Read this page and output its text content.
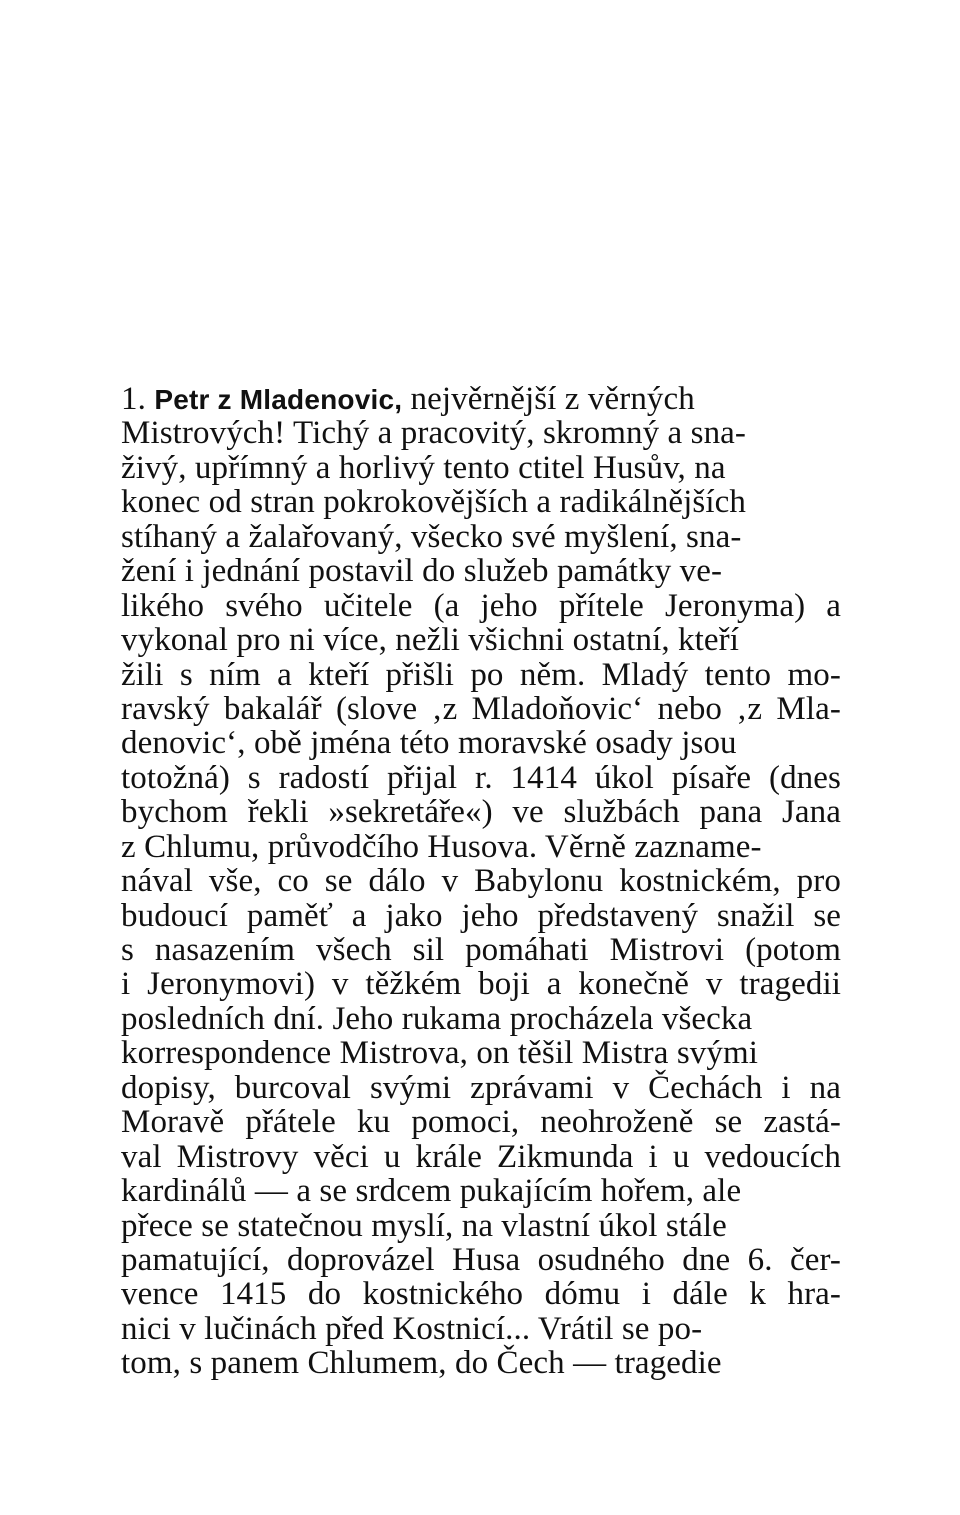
1. Petr z Mladenovic, nejvěrnější z věrných
Mistrových! Tichý a pracovitý, skromný a sna-
živý, upřímný a horlivý tento ctitel Husův, na
konec od stran pokrokovějších a radikálnějších
stíhaný a žalařovaný, všecko své myšlení, sna-
žení i jednání postavil do služeb památky ve-
likého svého učitele (a jeho přítele Jeronyma) a
vykonal pro ni více, nežli všichni ostatní, kteří
žili s ním a kteří přišli po něm. Mladý tento mo-
ravský bakalář (slove ‚z Mladoňovic‘ nebo ‚z Mla-
denovic‘, obě jména této moravské osady jsou
totožná) s radostí přijal r. 1414 úkol písaře (dnes
bychom řekli »sekretáře«) ve službách pana Jana
z Chlumu, průvodčího Husova. Věrně zazname-
nával vše, co se dálo v Babylonu kostnickém, pro
budoucí paměť a jako jeho představený snažil se
s nasazením všech sil pomáhati Mistrovi (potom
i Jeronymovi) v těžkém boji a konečně v tragedii
posledních dní. Jeho rukama procházela všecka
korrespondence Mistrova, on těšil Mistra svými
dopisy, burcoval svými zprávami v Čechách i na
Moravě přátele ku pomoci, neohroženě se zastá-
val Mistrovy věci u krále Zikmunda i u vedoucích
kardinálů — a se srdcem pukajícím hořem, ale
přece se statečnou myslí, na vlastní úkol stále
pamatující, doprovázel Husa osudného dne 6. čer-
vence 1415 do kostnického dómu i dále k hra-
nici v lučinách před Kostnicí... Vrátil se po-
tom, s panem Chlumem, do Čech — tragedie
